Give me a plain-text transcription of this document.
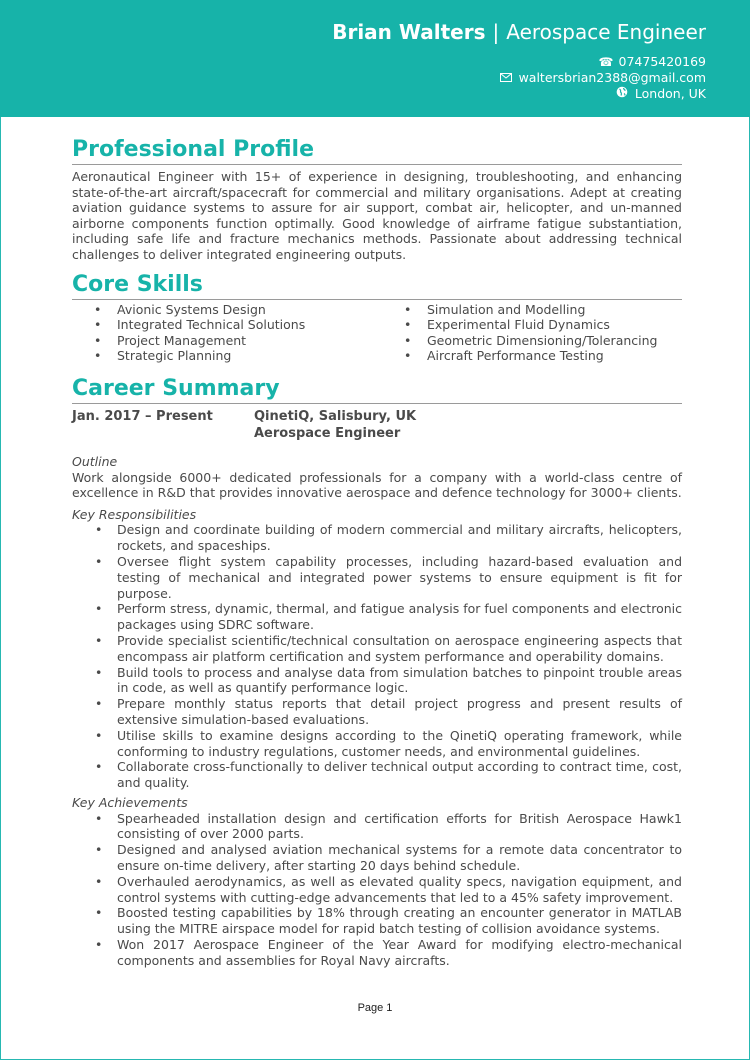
Brian Walters | Aerospace Engineer
☎ 07475420169
waltersbrian2388@gmail.com
London, UK
Professional Profile

Aeronautical Engineer with 15+ of experience in designing, troubleshooting, and enhancing state-of-the-art aircraft/spacecraft for commercial and military organisations. Adept at creating aviation guidance systems to assure for air support, combat air, helicopter, and un-manned airborne components function optimally. Good knowledge of airframe fatigue substantiation, including safe life and fracture mechanics methods. Passionate about addressing technical challenges to deliver integrated engineering outputs.

Core Skills
• Avionic Systems Design
• Integrated Technical Solutions
• Project Management
• Strategic Planning
• Simulation and Modelling
• Experimental Fluid Dynamics
• Geometric Dimensioning/Tolerancing
• Aircraft Performance Testing
Career Summary
Jan. 2017 – Present	QinetiQ, Salisbury, UK
Aerospace Engineer
Outline

Work alongside 6000+ dedicated professionals for a company with a world-class centre of excellence in R&D that provides innovative aerospace and defence technology for 3000+ clients.

Key Responsibilities
• Design and coordinate building of modern commercial and military aircrafts, helicopters, rockets, and spaceships.
• Oversee flight system capability processes, including hazard-based evaluation and testing of mechanical and integrated power systems to ensure equipment is fit for purpose.
• Perform stress, dynamic, thermal, and fatigue analysis for fuel components and electronic packages using SDRC software.
• Provide specialist scientific/technical consultation on aerospace engineering aspects that encompass air platform certification and system performance and operability domains.
• Build tools to process and analyse data from simulation batches to pinpoint trouble areas in code, as well as quantify performance logic.
• Prepare monthly status reports that detail project progress and present results of extensive simulation-based evaluations.
• Utilise skills to examine designs according to the QinetiQ operating framework, while conforming to industry regulations, customer needs, and environmental guidelines.
• Collaborate cross-functionally to deliver technical output according to contract time, cost, and quality.
Key Achievements
• Spearheaded installation design and certification efforts for British Aerospace Hawk1 consisting of over 2000 parts.
• Designed and analysed aviation mechanical systems for a remote data concentrator to ensure on-time delivery, after starting 20 days behind schedule.
• Overhauled aerodynamics, as well as elevated quality specs, navigation equipment, and control systems with cutting-edge advancements that led to a 45% safety improvement.
• Boosted testing capabilities by 18% through creating an encounter generator in MATLAB using the MITRE airspace model for rapid batch testing of collision avoidance systems.
• Won 2017 Aerospace Engineer of the Year Award for modifying electro-mechanical components and assemblies for Royal Navy aircrafts.
Page 1
